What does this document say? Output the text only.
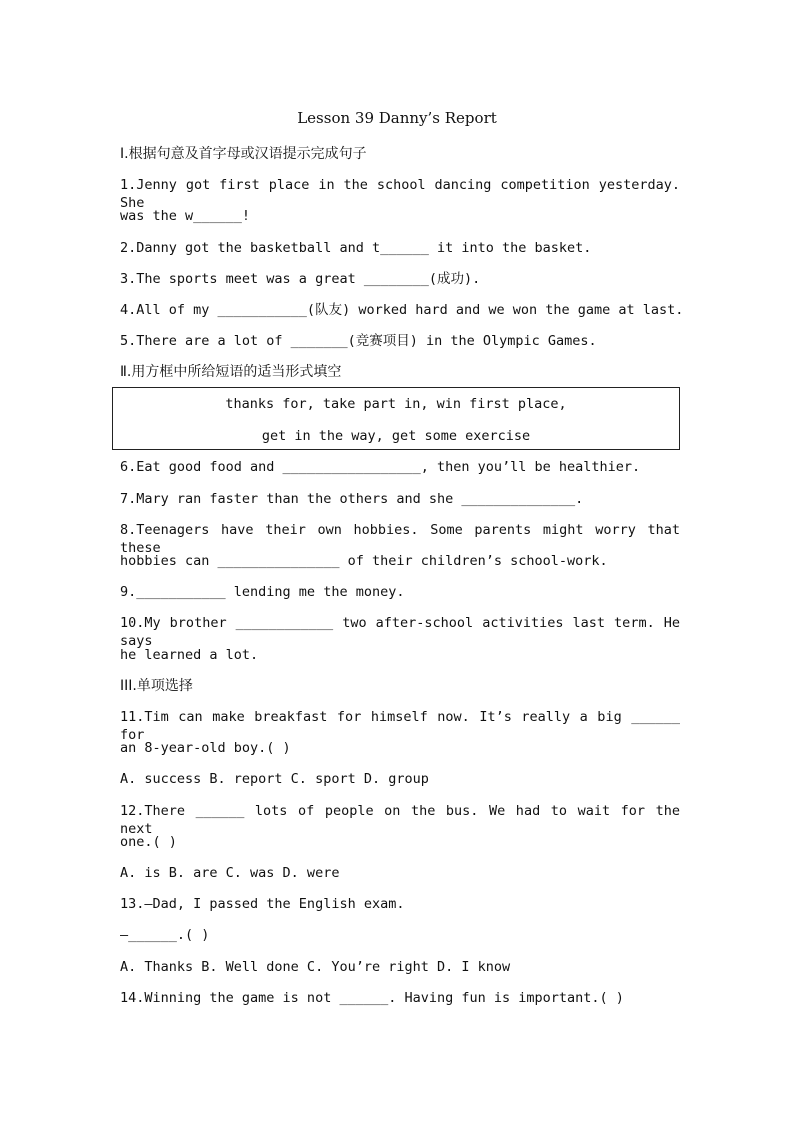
Lesson 39 Danny’s Report
Ⅰ.根据句意及首字母或汉语提示完成句子
1.Jenny got first place in the school dancing competition yesterday. She
was the w______!
2.Danny got the basketball and t______ it into the basket.
3.The sports meet was a great ________(成功).
4.All of my ___________(队友) worked hard and we won the game at last.
5.There are a lot of _______(竞赛项目) in the Olympic Games.
Ⅱ.用方框中所给短语的适当形式填空
thanks for, take part in, win first place,
get in the way, get some exercise
6.Eat good food and _________________, then you’ll be healthier.
7.Mary ran faster than the others and she ______________.
8.Teenagers have their own hobbies. Some parents might worry that these
hobbies can _______________ of their children’s school-work.
9.___________ lending me the money.
10.My brother ____________ two after-school activities last term. He says
he learned a lot.
III.单项选择
11.Tim can make breakfast for himself now. It’s really a big ______ for
an 8-year-old boy.( )
A. success B. report C. sport D. group
12.There ______ lots of people on the bus. We had to wait for the next
one.( )
A. is B. are C. was D. were
13.—Dad, I passed the English exam.
—______.( )
A. Thanks B. Well done C. You’re right D. I know
14.Winning the game is not ______. Having fun is important.( )
